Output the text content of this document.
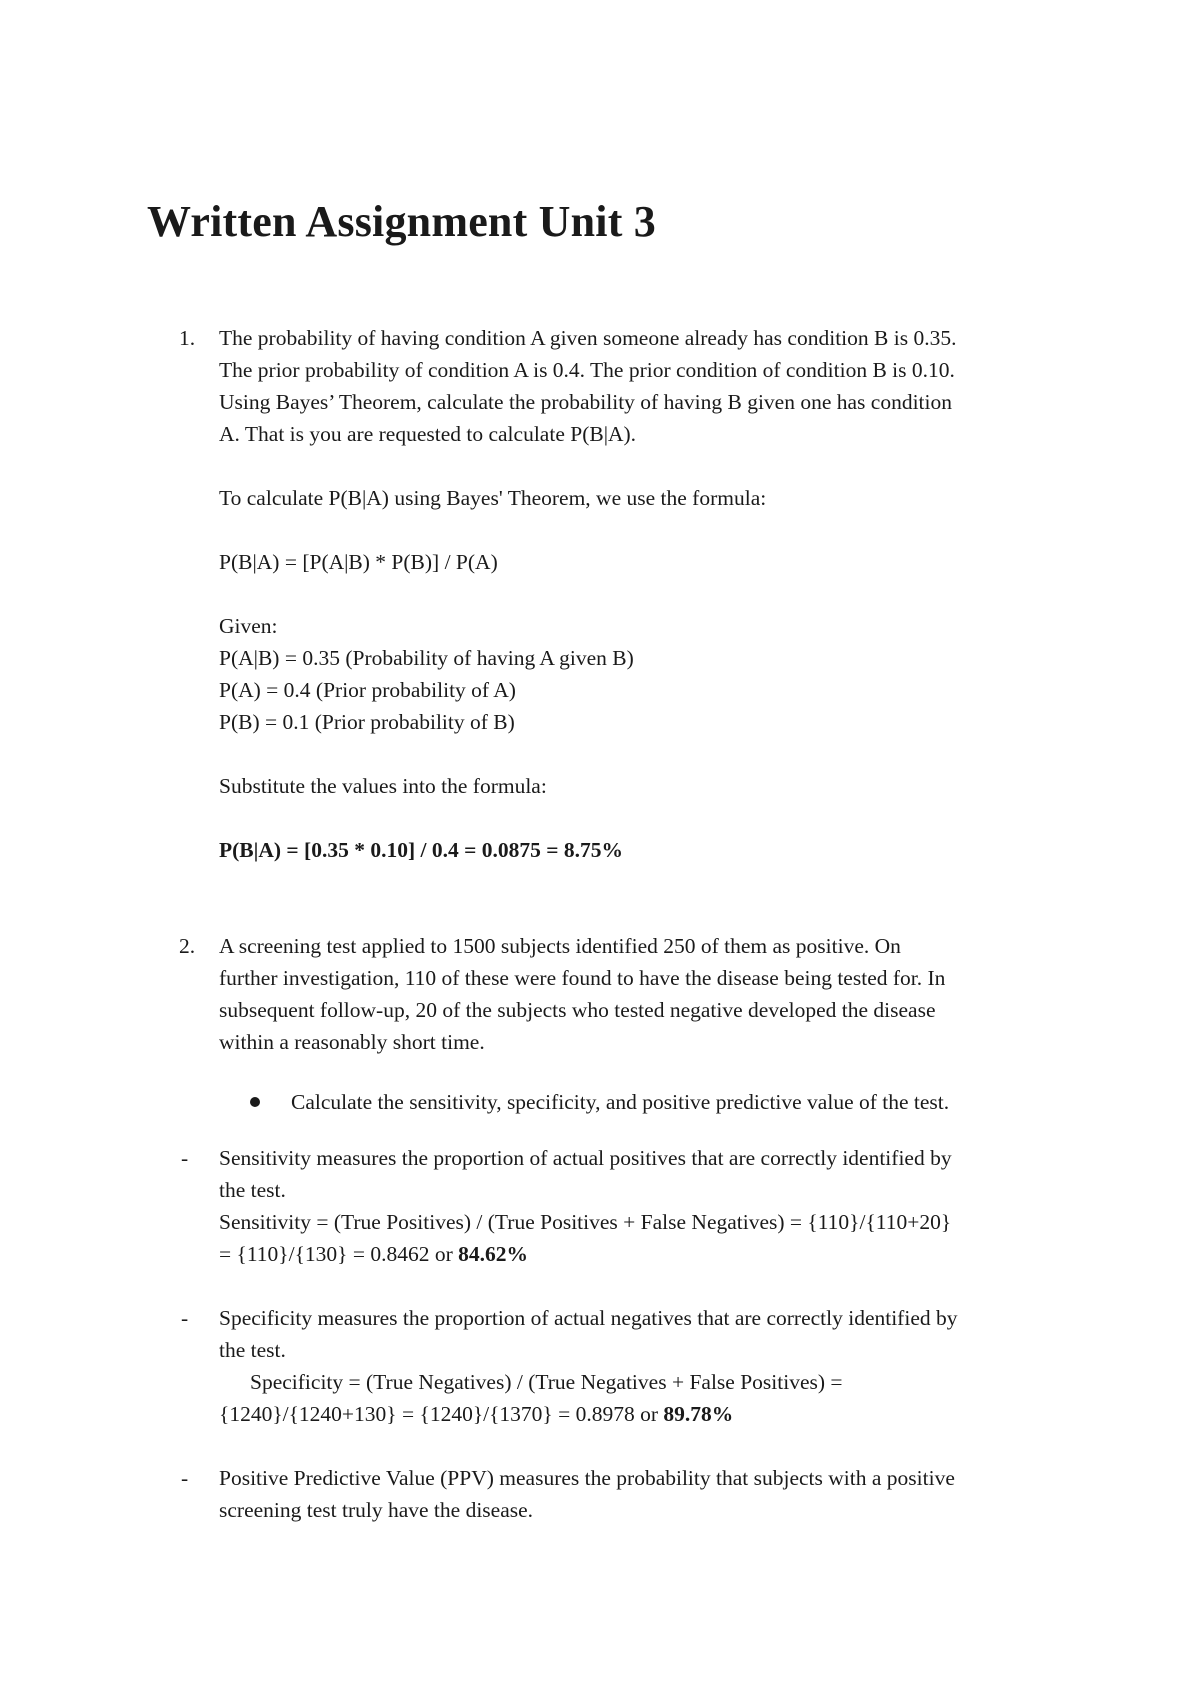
Written Assignment Unit 3
1. The probability of having condition A given someone already has condition B is 0.35.
The prior probability of condition A is 0.4. The prior condition of condition B is 0.10.
Using Bayes’ Theorem, calculate the probability of having B given one has condition
A. That is you are requested to calculate P(B|A).
To calculate P(B|A) using Bayes' Theorem, we use the formula:
P(B|A) = [P(A|B) * P(B)] / P(A)
Given:
P(A|B) = 0.35 (Probability of having A given B)
P(A) = 0.4 (Prior probability of A)
P(B) = 0.1 (Prior probability of B)
Substitute the values into the formula:
P(B|A) = [0.35 * 0.10] / 0.4 = 0.0875 = 8.75%
2. A screening test applied to 1500 subjects identified 250 of them as positive. On
further investigation, 110 of these were found to have the disease being tested for. In
subsequent follow-up, 20 of the subjects who tested negative developed the disease
within a reasonably short time.
Calculate the sensitivity, specificity, and positive predictive value of the test.
- Sensitivity measures the proportion of actual positives that are correctly identified by
the test.
Sensitivity = (True Positives) / (True Positives + False Negatives) = {110}/{110+20}
= {110}/{130} = 0.8462 or 84.62%
- Specificity measures the proportion of actual negatives that are correctly identified by
the test.
Specificity = (True Negatives) / (True Negatives + False Positives) =
{1240}/{1240+130} = {1240}/{1370} = 0.8978 or 89.78%
- Positive Predictive Value (PPV) measures the probability that subjects with a positive
screening test truly have the disease.
